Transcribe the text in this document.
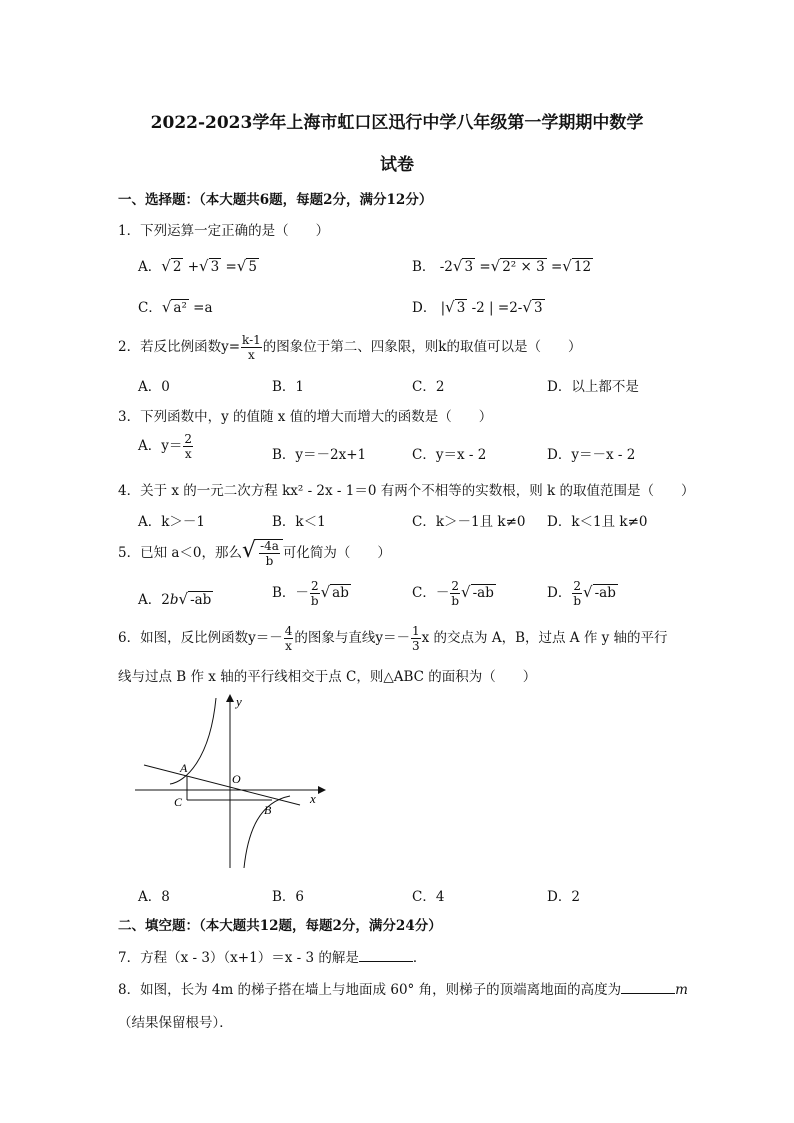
2022-2023学年上海市虹口区迅行中学八年级第一学期期中数学
试卷
一、选择题：（本大题共6题，每题2分，满分12分）
1．下列运算一定正确的是（　　）
A．√ 2 +√ 3 =√ 5	B． -2√ 3 =√ 2² × 3 =√ 12
C．√ a² =a	D． |√ 3 -2 | =2-√ 3
2．若反比例函数$y= \frac{k-1}{x}$ 的图象位于第二、四象限，则k的取值可以是（　　）
A．0	B．1	C．2	D．以上都不是
3．下列函数中，y 的值随 x 值的增大而增大的函数是（　　）
A．$y= \frac{2}{x}$	B．y＝－2x+1	C．y＝x - 2	D．y＝－x - 2
4．关于 x 的一元二次方程 kx² - 2x - 1＝0 有两个不相等的实数根，则 k 的取值范围是（　　）
A．k＞－1	B．k＜1	C．k＞－1且 k≠0 D．k＜1且 k≠0
5．已知 a＜0，那么√ $\frac{-4a}{b}$ 可化简为（　　）
A．2b√ -ab	B．－ $\frac{2}{b}$ √ ab	C．－ $\frac{2}{b}$ √ -ab	D． $\frac{2}{b}$ √ -ab
6．如图，反比例函数$y=- \frac{4}{x}$ 的图象与直线$y=- \frac{1}{3}$ x 的交点为 A，B，过点 A 作 y 轴的平行
线与过点 B 作 x 轴的平行线相交于点 C，则△ABC 的面积为（　　）
y
x
O
A
B
C
A．8	B．6	C．4	D．2
二、填空题：（本大题共12题，每题2分，满分24分）
7．方程（x - 3）（x+1）＝x - 3 的解是	．
8．如图，长为 4m 的梯子搭在墙上与地面成 60° 角，则梯子的顶端离地面的高度为	m
（结果保留根号）．
